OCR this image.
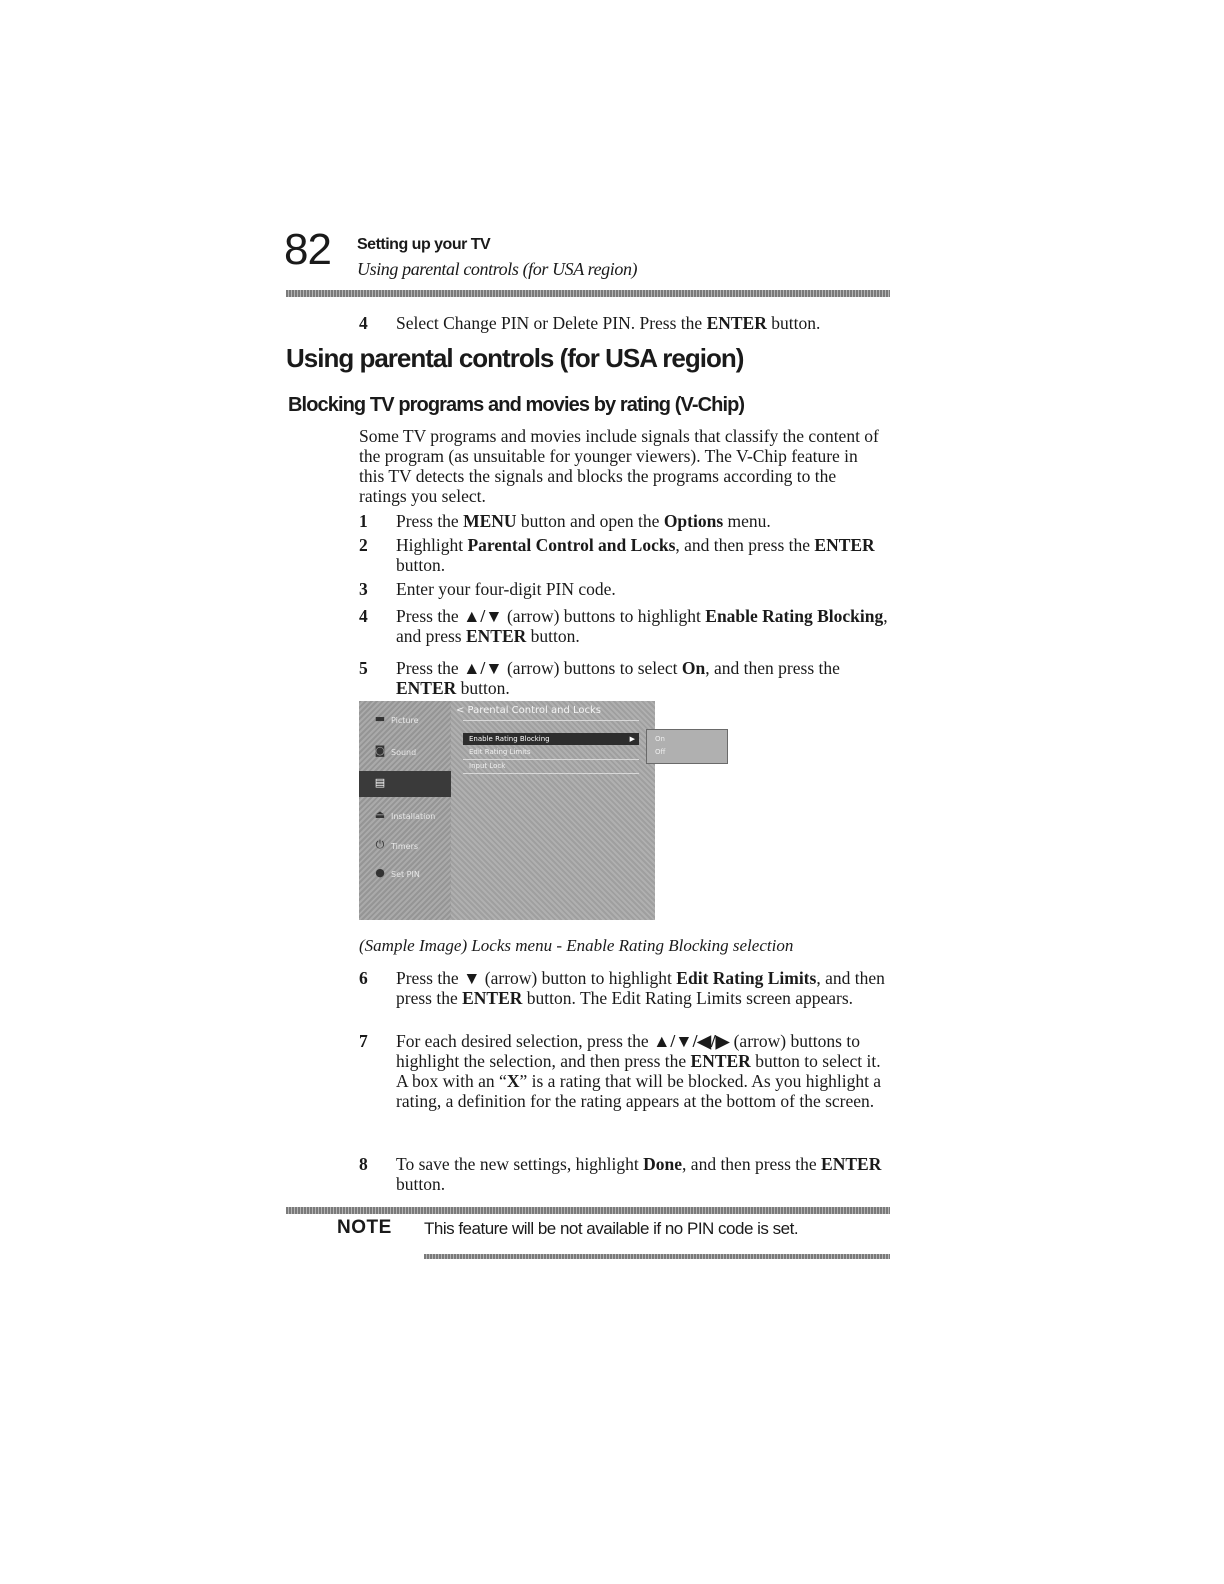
82 Setting up your TV
Using parental controls (for USA region)
4 Select Change PIN or Delete PIN. Press the ENTER button.
Using parental controls (for USA region)
Blocking TV programs and movies by rating (V-Chip)
Some TV programs and movies include signals that classify the content of the program (as unsuitable for younger viewers). The V-Chip feature in this TV detects the signals and blocks the programs according to the ratings you select.
1 Press the MENU button and open the Options menu.
2 Highlight Parental Control and Locks, and then press the ENTER button.
3 Enter your four-digit PIN code.
4 Press the ▲/▼ (arrow) buttons to highlight Enable Rating Blocking, and press ENTER button.
5 Press the ▲/▼ (arrow) buttons to select On, and then press the ENTER button.
▬ Picture
◙ Sound
▤
⏏ Installation
⏻ Timers
● Set PIN
< Parental Control and Locks
Enable Rating Blocking	▶
Edit Rating Limits
Input Lock
On
Off
(Sample Image) Locks menu - Enable Rating Blocking selection
6 Press the ▼ (arrow) button to highlight Edit Rating Limits, and then press the ENTER button. The Edit Rating Limits screen appears.
7 For each desired selection, press the ▲/▼/◀/▶ (arrow) buttons to highlight the selection, and then press the ENTER button to select it.
A box with an “X” is a rating that will be blocked. As you highlight a rating, a definition for the rating appears at the bottom of the screen.
8 To save the new settings, highlight Done, and then press the ENTER button.
NOTE This feature will be not available if no PIN code is set.
